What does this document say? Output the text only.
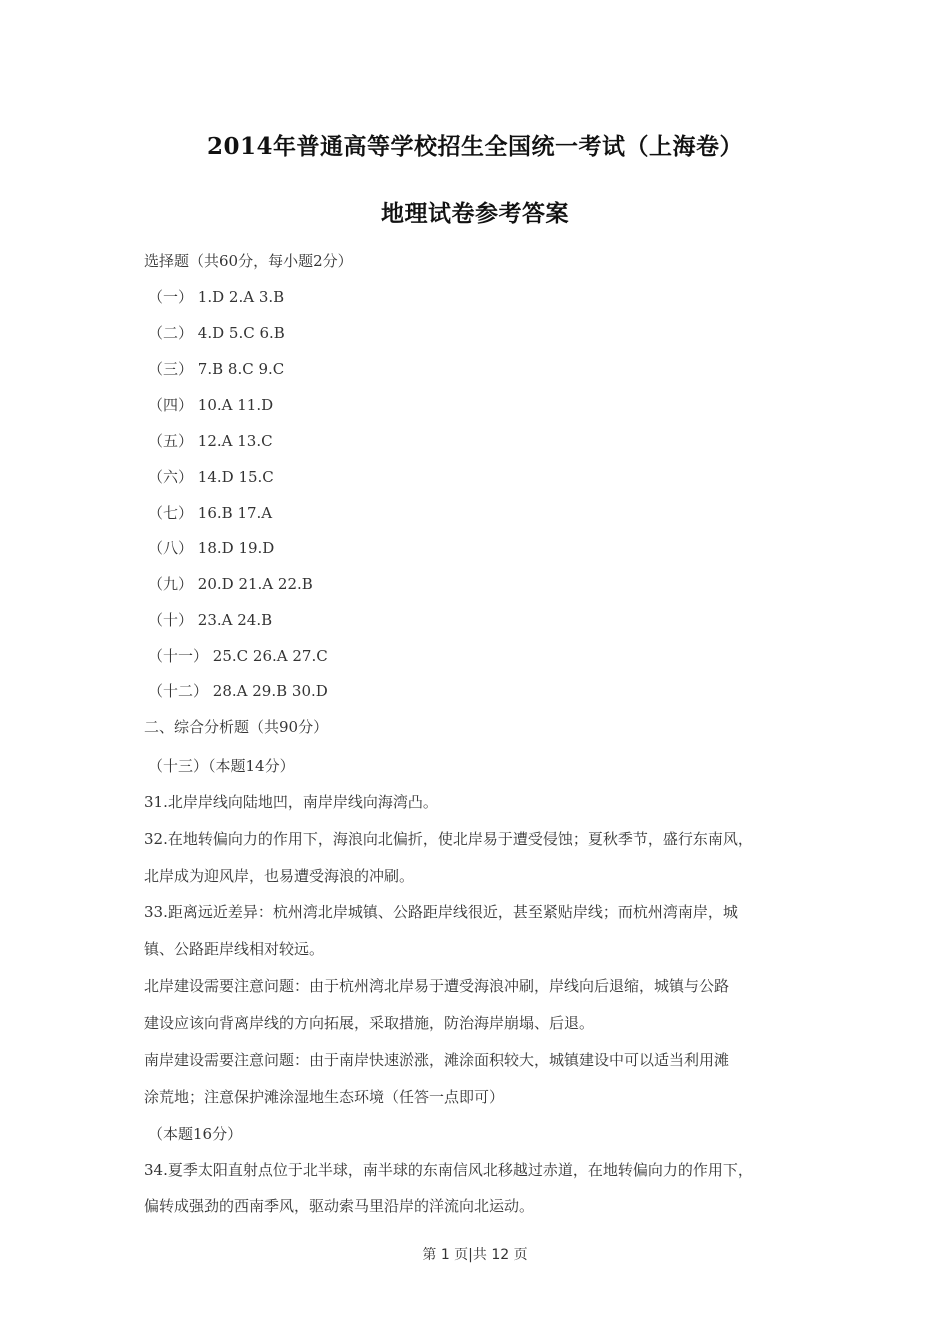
2014年普通高等学校招生全国统一考试（上海卷）
地理试卷参考答案
选择题（共60分，每小题2分）
（一） 1.D 2.A 3.B
（二） 4.D 5.C 6.B
（三） 7.B 8.C 9.C
（四） 10.A 11.D
（五） 12.A 13.C
（六） 14.D 15.C
（七） 16.B 17.A
（八） 18.D 19.D
（九） 20.D 21.A 22.B
（十） 23.A 24.B
（十一） 25.C 26.A 27.C
（十二） 28.A 29.B 30.D
二、综合分析题（共90分）
（十三）（本题14分）
31.北岸岸线向陆地凹，南岸岸线向海湾凸。
32.在地转偏向力的作用下，海浪向北偏折，使北岸易于遭受侵蚀；夏秋季节，盛行东南风，
北岸成为迎风岸，也易遭受海浪的冲刷。
33.距离远近差异：杭州湾北岸城镇、公路距岸线很近，甚至紧贴岸线；而杭州湾南岸，城
镇、公路距岸线相对较远。
北岸建设需要注意问题：由于杭州湾北岸易于遭受海浪冲刷，岸线向后退缩，城镇与公路
建设应该向背离岸线的方向拓展，采取措施，防治海岸崩塌、后退。
南岸建设需要注意问题：由于南岸快速淤涨，滩涂面积较大，城镇建设中可以适当利用滩
涂荒地；注意保护滩涂湿地生态环境（任答一点即可）
（本题16分）
34.夏季太阳直射点位于北半球，南半球的东南信风北移越过赤道，在地转偏向力的作用下，
偏转成强劲的西南季风，驱动索马里沿岸的洋流向北运动。
第 1 页|共 12 页
